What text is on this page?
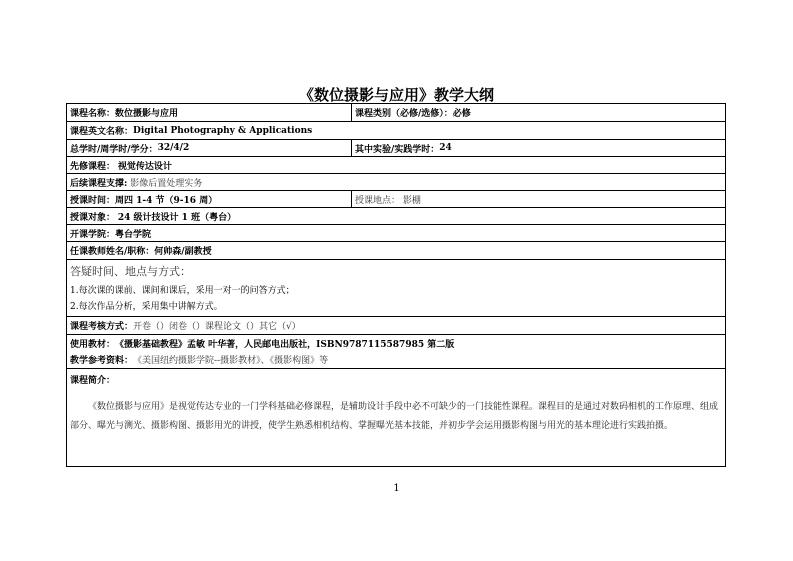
《数位摄影与应用》教学大纲
课程名称： 数位摄影与应用	课程类别（必修/选修）： 必修
课程英文名称： Digital Photography & Applications
总学时/周学时/学分： 32/4/2	其中实验/实践学时： 24
先修课程：
视觉传达设计
后续课程支撑:
影像后置处理实务
授课时间： 周四 1-4 节（9-16 周）	授课地点：
影棚
授课对象：
24 级计技设计 1 班（粤台）
开课学院： 粤台学院
任课教师姓名/职称： 何帅森/副教授
答疑时间、地点与方式：
1.每次课的课前、课间和课后，采用一对一的问答方式；
2.每次作品分析，采用集中讲解方式。
课程考核方式： 开卷（）闭卷（）课程论文（）其它（√）
使用教材： 《摄影基础教程》孟敏 叶华著，人民邮电出版社，ISBN9787115587985 第二版
教学参考资料： 《美国纽约摄影学院--摄影教材》、《摄影构图》等
课程简介：

《数位摄影与应用》是视觉传达专业的一门学科基础必修课程，是辅助设计手段中必不可缺少的一门技能性课程。课程目的是通过对数码相机的工作原理、组成部分、曝光与测光、摄影构图、摄影用光的讲授，使学生熟悉相机结构、掌握曝光基本技能，并初步学会运用摄影构图与用光的基本理论进行实践拍摄。

1
